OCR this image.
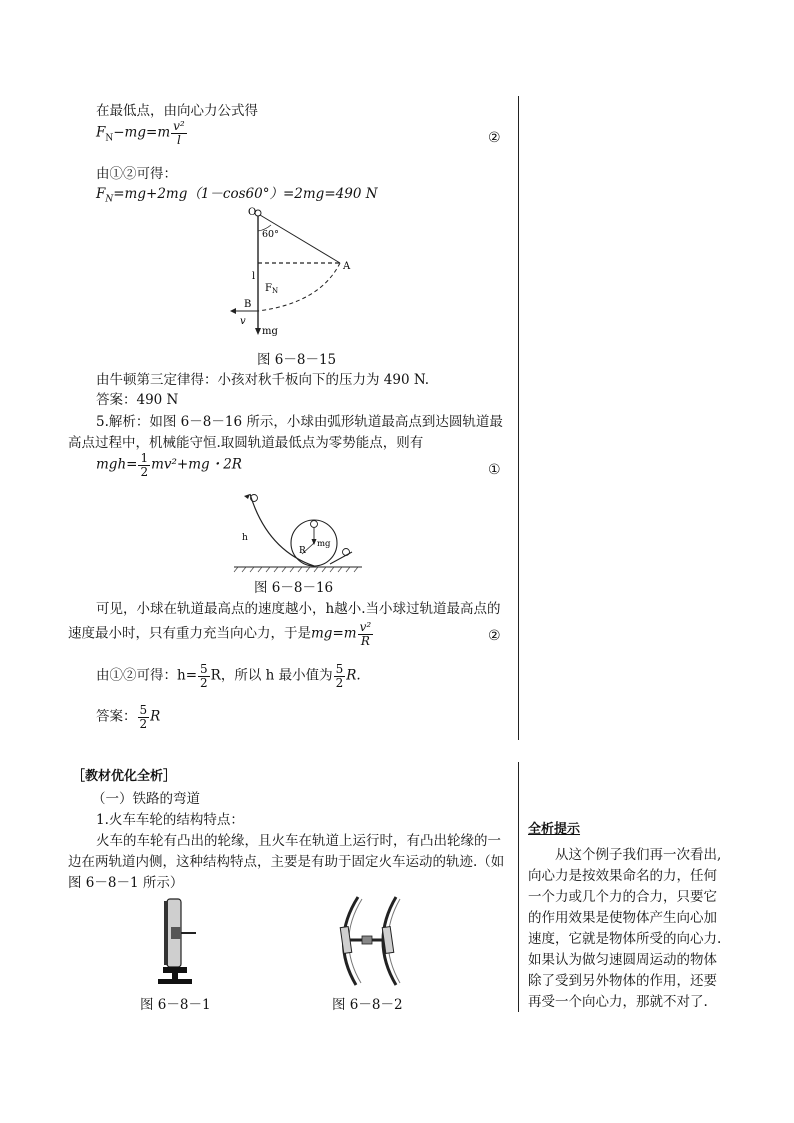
在最低点，由向心力公式得
$F_N-mg=m \frac{\text{v²}}{l}$	②
由①②可得：
$F_N=mg+2mg(1-\cos 60^\circ)=2mg=490$ N
O
60°
A
l
$F_N$
B
v
mg
图 6－8－15
由牛顿第三定律得：小孩对秋千板向下的压力为 490 N.
答案：490 N
5.解析：如图 6－8－16 所示，小球由弧形轨道最高点到达圆轨道最
高点过程中，机械能守恒.取圆轨道最低点为零势能点，则有
$mgh= \frac{1}{2} mv^2+mg$・2R	①
h
R
mg
图 6－8－16
可见，小球在轨道最高点的速度越小，h越小.当小球过轨道最高点的
速度最小时，只有重力充当向心力，于是$mg=m \frac{\text{v²}}{R}$	②
由①②可得：$h= \frac{5}{2}$ R，所以 h 最小值为 $\frac{5}{2} R$.
答案： $\frac{5}{2}$ R
［教材优化全析］
（一）铁路的弯道
1.火车车轮的结构特点：
火车的车轮有凸出的轮缘，且火车在轨道上运行时，有凸出轮缘的一
边在两轨道内侧，这种结构特点，主要是有助于固定火车运动的轨迹.（如
图 6－8－1 所示）
图 6－8－1	图 6－8－2
全析提示
　　从这个例子我们再一次看出,
向心力是按效果命名的力，任何
一个力或几个力的合力，只要它
的作用效果是使物体产生向心加
速度，它就是物体所受的向心力.
如果认为做匀速圆周运动的物体
除了受到另外物体的作用，还要
再受一个向心力，那就不对了.
